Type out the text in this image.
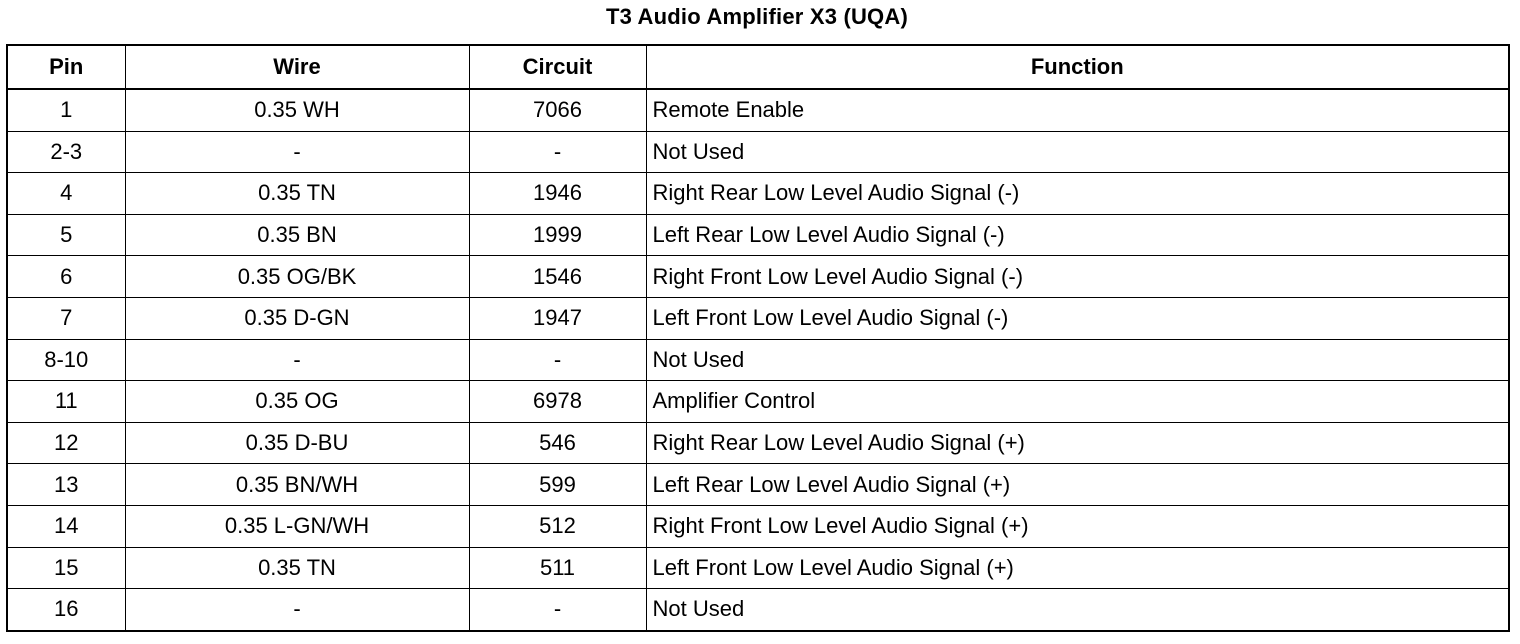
T3 Audio Amplifier X3 (UQA)
Pin	Wire	Circuit	Function
1	0.35 WH	7066	Remote Enable
2-3	-	-	Not Used
4	0.35 TN	1946	Right Rear Low Level Audio Signal (-)
5	0.35 BN	1999	Left Rear Low Level Audio Signal (-)
6	0.35 OG/BK	1546	Right Front Low Level Audio Signal (-)
7	0.35 D-GN	1947	Left Front Low Level Audio Signal (-)
8-10	-	-	Not Used
11	0.35 OG	6978	Amplifier Control
12	0.35 D-BU	546	Right Rear Low Level Audio Signal (+)
13	0.35 BN/WH	599	Left Rear Low Level Audio Signal (+)
14	0.35 L-GN/WH	512	Right Front Low Level Audio Signal (+)
15	0.35 TN	511	Left Front Low Level Audio Signal (+)
16	-	-	Not Used
